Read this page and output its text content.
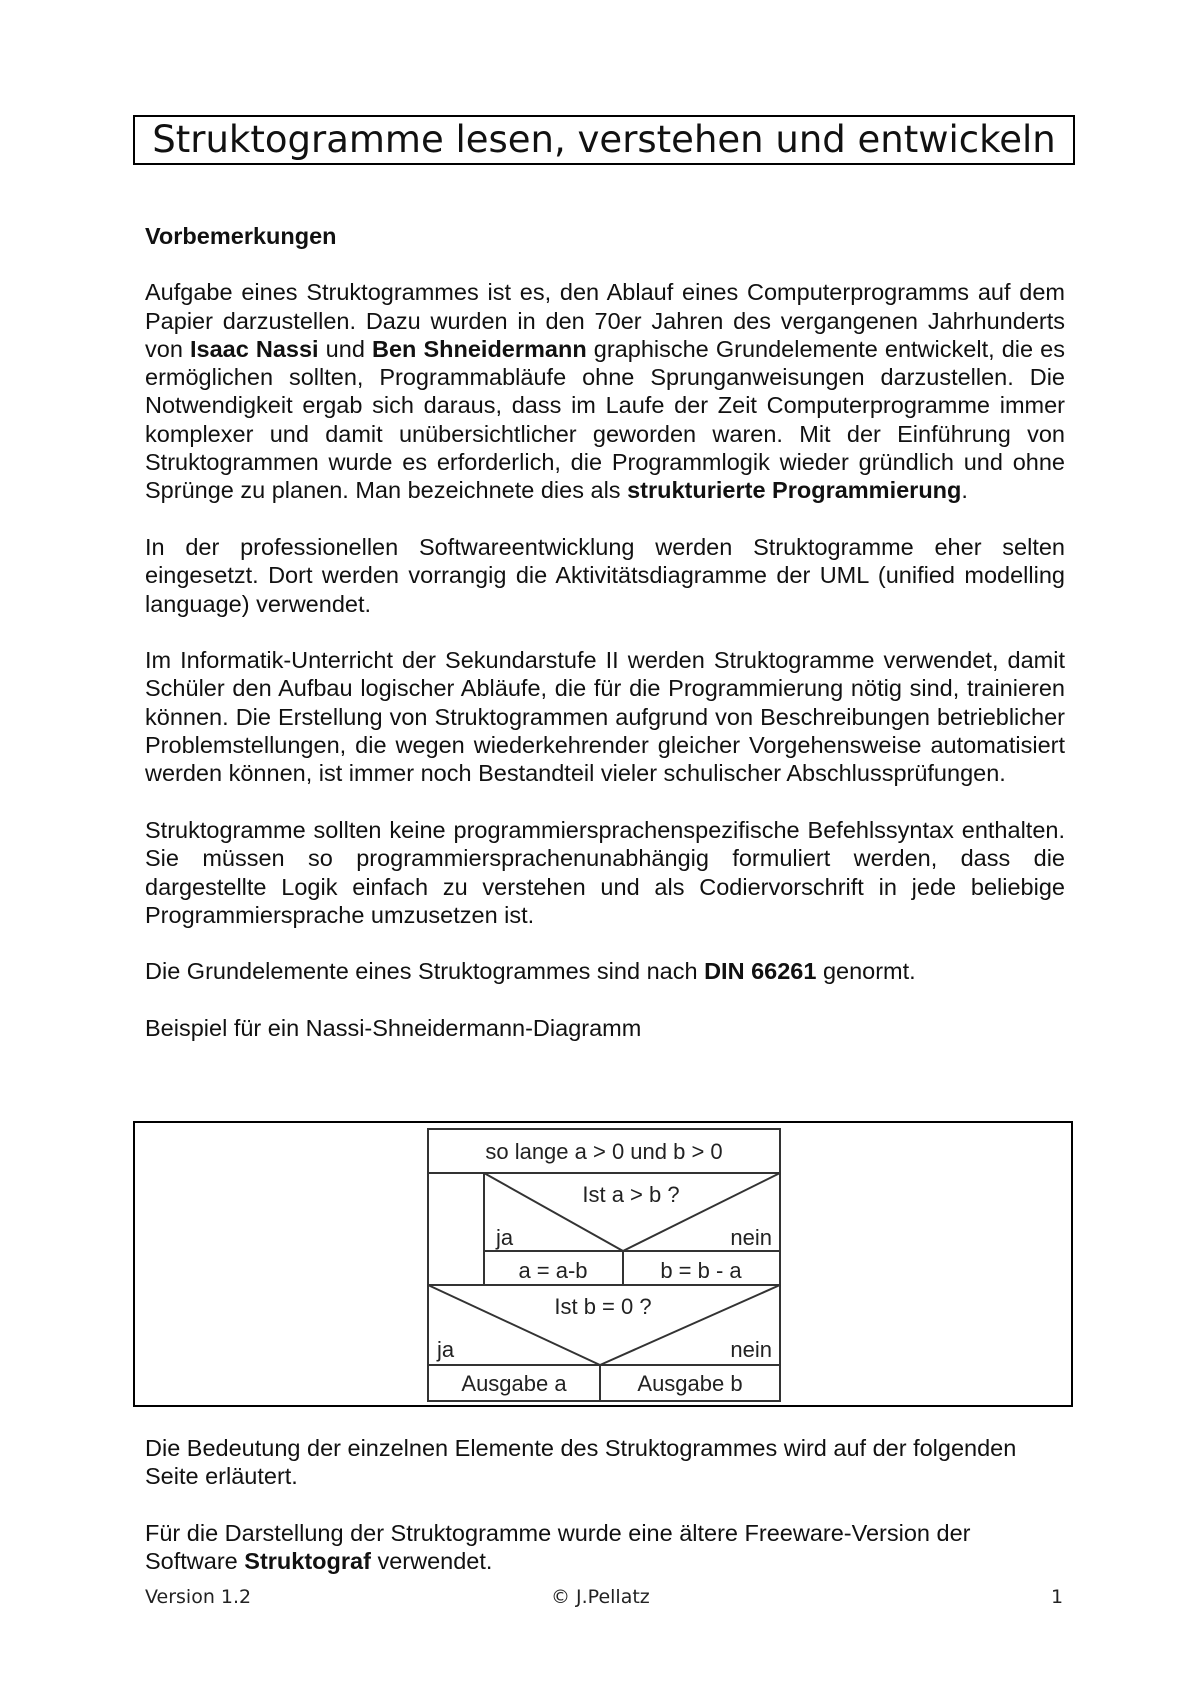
Struktogramme lesen, verstehen und entwickeln
Vorbemerkungen
Aufgabe eines Struktogrammes ist es, den Ablauf eines Computerprogramms auf dem Papier darzustellen. Dazu wurden in den 70er Jahren des vergangenen Jahrhunderts von Isaac Nassi und Ben Shneidermann graphische Grundelemente entwickelt, die es ermöglichen sollten, Programmabläufe ohne Sprunganweisungen darzustellen. Die Notwendigkeit ergab sich daraus, dass im Laufe der Zeit Computerprogramme immer komplexer und damit unübersichtlicher geworden waren. Mit der Einführung von Struktogrammen wurde es erforderlich, die Programmlogik wieder gründlich und ohne Sprünge zu planen. Man bezeichnete dies als strukturierte Programmierung.
In der professionellen Softwareentwicklung werden Struktogramme eher selten eingesetzt. Dort werden vorrangig die Aktivitätsdiagramme der UML (unified modelling language) verwendet.
Im Informatik-Unterricht der Sekundarstufe II werden Struktogramme verwendet, damit Schüler den Aufbau logischer Abläufe, die für die Programmierung nötig sind, trainieren können. Die Erstellung von Struktogrammen aufgrund von Beschreibungen betrieblicher Problemstellungen, die wegen wiederkehrender gleicher Vorgehensweise automatisiert werden können, ist immer noch Bestandteil vieler schulischer Abschlussprüfungen.
Struktogramme sollten keine programmiersprachenspezifische Befehlssyntax enthalten. Sie müssen so programmiersprachenunabhängig formuliert werden, dass die dargestellte Logik einfach zu verstehen und als Codiervorschrift in jede beliebige Programmiersprache umzusetzen ist.
Die Grundelemente eines Struktogrammes sind nach DIN 66261 genormt.
Beispiel für ein Nassi-Shneidermann-Diagramm
so lange a > 0 und b > 0
Ist a > b ?
ja	nein
a = a-b	b = b - a
Ist b = 0 ?
ja	nein
Ausgabe a	Ausgabe b
Die Bedeutung der einzelnen Elemente des Struktogrammes wird auf der folgenden Seite erläutert.
Für die Darstellung der Struktogramme wurde eine ältere Freeware-Version der Software Struktograf verwendet.
Version 1.2	© J.Pellatz	1
